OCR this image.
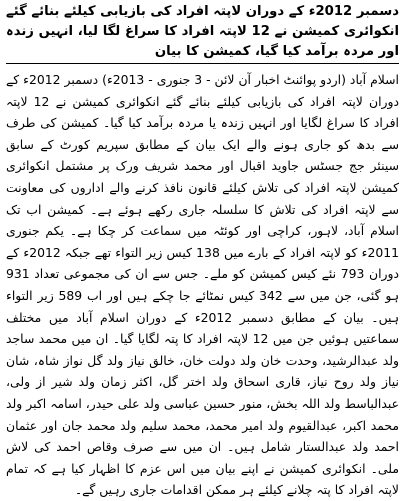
دسمبر 2012ء کے دوران لاپتہ افراد کی بازیابی کیلئے بنائے گئے انکوائری کمیشن نے 12 لاپتہ افراد کا سراغ لگا لیا، انہیں زندہ اور مردہ برآمد کیا گیا، کمیشن کا بیان

اسلام آباد (اردو پوائنٹ اخبار آن لائن - 3 جنوری - 2013ء) دسمبر 2012ء کے دوران لاپتہ افراد کی بازیابی کیلئے بنائے گئے انکوائری کمیشن نے 12 لاپتہ افراد کا سراغ لگایا اور انہیں زندہ یا مردہ برآمد کیا گیا۔ کمیشن کی طرف سے بدھ کو جاری ہونے والے ایک بیان کے مطابق سپریم کورٹ کے سابق سینئر جج جسٹس جاوید اقبال اور محمد شریف ورک پر مشتمل انکوائری کمیشن لاپتہ افراد کی تلاش کیلئے قانون نافذ کرنے والے اداروں کی معاونت سے لاپتہ افراد کی تلاش کا سلسلہ جاری رکھے ہوئے ہے۔ کمیشن اب تک اسلام آباد، لاہور، کراچی اور کوئٹہ میں سماعت کر چکا ہے۔ یکم جنوری 2011ء کو لاپتہ افراد کے بارے میں 138 کیس زیر التواء تھے جبکہ 2012ء کے دوران 793 نئے کیس کمیشن کو ملے۔ جس سے ان کی مجموعی تعداد 931 ہو گئی، جن میں سے 342 کیس نمٹائے جا چکے ہیں اور اب 589 زیر التواء ہیں۔ بیان کے مطابق دسمبر 2012ء کے دوران اسلام آباد میں مختلف سماعتیں ہوئیں جن میں 12 لاپتہ افراد کا پتہ لگایا گیا۔ ان میں محمد ساجد ولد عبدالرشید، وحدت خان ولد دولت خان، خالق نیاز ولد گل نواز شاہ، شان نیاز ولد روح نیاز، قاری اسحاق ولد اختر گل، اکثر زمان ولد شیر از ولی، عبدالباسط ولد اللہ بخش، منور حسین عباسی ولد علی حیدر، اسامہ اکبر ولد محمد اکبر، عبدالقیوم ولد امیر محمد، محمد سلیم ولد محمد جان اور عثمان احمد ولد عبدالستار شامل ہیں۔ ان میں سے صرف وقاص احمد کی لاش ملی۔ انکوائری کمیشن نے اپنے بیان میں اس عزم کا اظہار کیا ہے کہ تمام لاپتہ افراد کا پتہ چلانے کیلئے ہر ممکن اقدامات جاری رہیں گے۔
